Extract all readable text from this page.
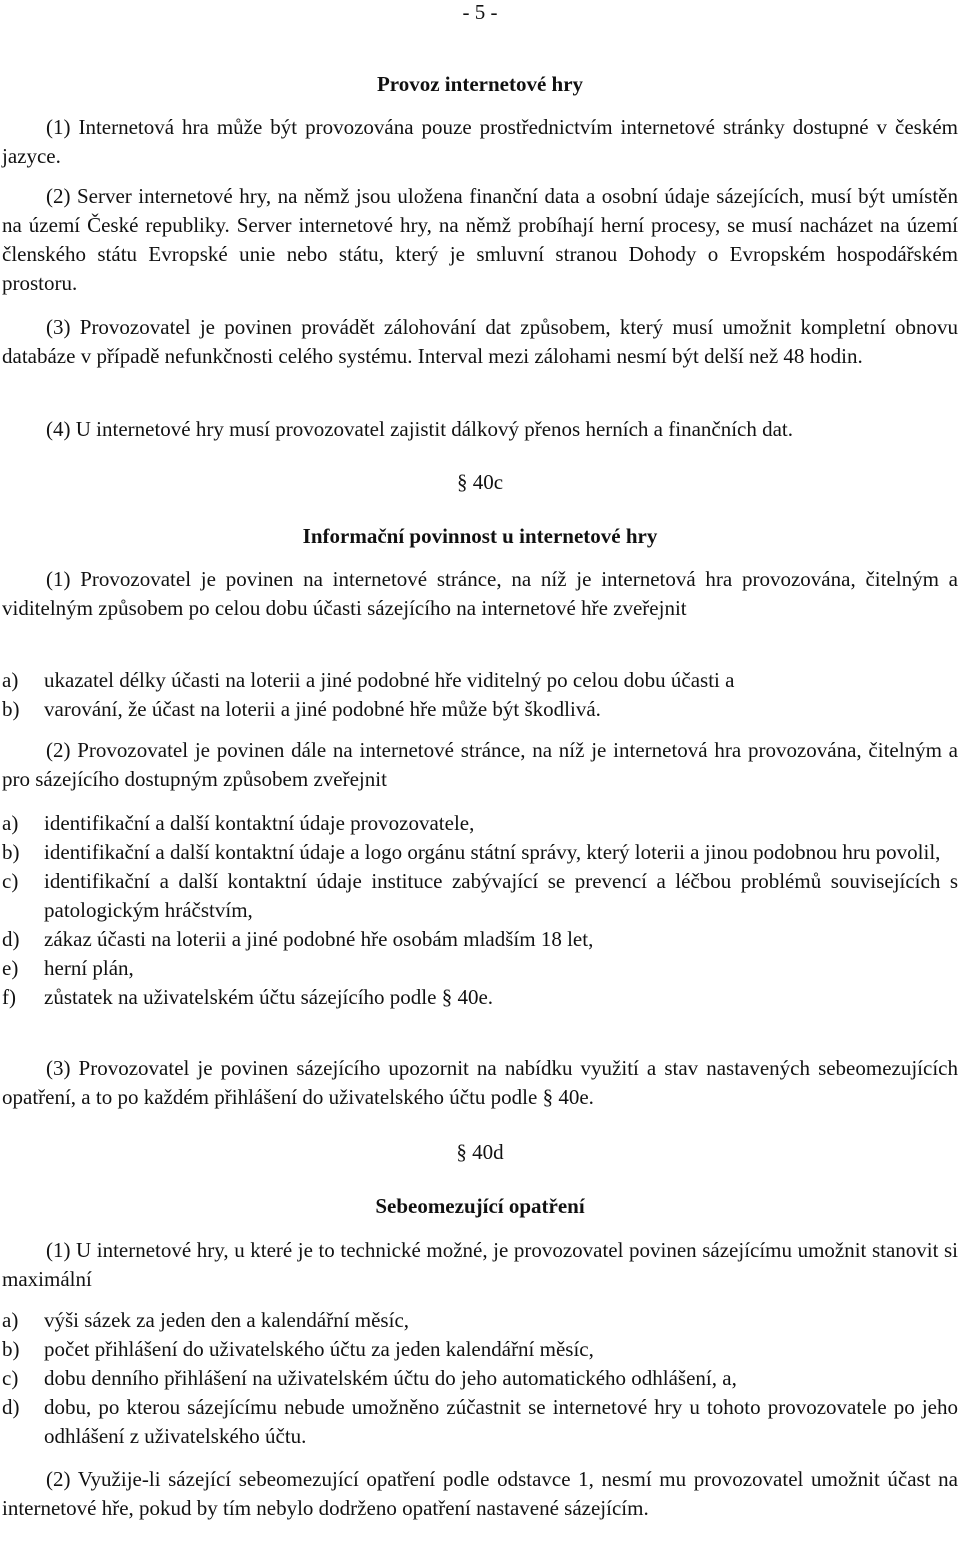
- 5 -
Provoz internetové hry
(1) Internetová hra může být provozována pouze prostřednictvím internetové stránky dostupné v českém jazyce.
(2) Server internetové hry, na němž jsou uložena finanční data a osobní údaje sázejících, musí být umístěn na území České republiky. Server internetové hry, na němž probíhají herní procesy, se musí nacházet na území členského státu Evropské unie nebo státu, který je smluvní stranou Dohody o Evropském hospodářském prostoru.
(3) Provozovatel je povinen provádět zálohování dat způsobem, který musí umožnit kompletní obnovu databáze v případě nefunkčnosti celého systému. Interval mezi zálohami nesmí být delší než 48 hodin.
(4) U internetové hry musí provozovatel zajistit dálkový přenos herních a finančních dat.
§ 40c
Informační povinnost u internetové hry
(1) Provozovatel je povinen na internetové stránce, na níž je internetová hra provozována, čitelným a viditelným způsobem po celou dobu účasti sázejícího na internetové hře zveřejnit
a)	ukazatel délky účasti na loterii a jiné podobné hře viditelný po celou dobu účasti a
b)	varování, že účast na loterii a jiné podobné hře může být škodlivá.
(2) Provozovatel je povinen dále na internetové stránce, na níž je internetová hra provozována, čitelným a pro sázejícího dostupným způsobem zveřejnit
a)	identifikační a další kontaktní údaje provozovatele,
b)	identifikační a další kontaktní údaje a logo orgánu státní správy, který loterii a jinou podobnou hru povolil,
c)	identifikační a další kontaktní údaje instituce zabývající se prevencí a léčbou problémů souvisejících s patologickým hráčstvím,
d)	zákaz účasti na loterii a jiné podobné hře osobám mladším 18 let,
e)	herní plán,
f)	zůstatek na uživatelském účtu sázejícího podle § 40e.
(3) Provozovatel je povinen sázejícího upozornit na nabídku využití a stav nastavených sebeomezujících opatření, a to po každém přihlášení do uživatelského účtu podle § 40e.
§ 40d
Sebeomezující opatření
(1) U internetové hry, u které je to technické možné, je provozovatel povinen sázejícímu umožnit stanovit si maximální
a)	výši sázek za jeden den a kalendářní měsíc,
b)	počet přihlášení do uživatelského účtu za jeden kalendářní měsíc,
c)	dobu denního přihlášení na uživatelském účtu do jeho automatického odhlášení, a,
d)	dobu, po kterou sázejícímu nebude umožněno zúčastnit se internetové hry u tohoto provozovatele po jeho odhlášení z uživatelského účtu.
(2) Využije-li sázející sebeomezující opatření podle odstavce 1, nesmí mu provozovatel umožnit účast na internetové hře, pokud by tím nebylo dodrženo opatření nastavené sázejícím.
